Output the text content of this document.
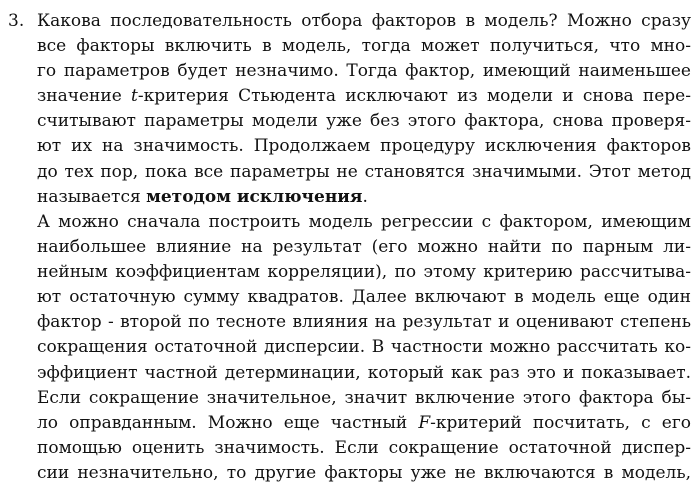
3. Какова последовательность отбора факторов в модель? Можно сразу
все факторы включить в модель, тогда может получиться, что мно-
го параметров будет незначимо. Тогда фактор, имеющий наименьшее
значение t-критерия Стьюдента исключают из модели и снова пере-
считывают параметры модели уже без этого фактора, снова проверя-
ют их на значимость. Продолжаем процедуру исключения факторов
до тех пор, пока все параметры не становятся значимыми. Этот метод
называется методом исключения.
А можно сначала построить модель регрессии с фактором, имеющим
наибольшее влияние на результат (его можно найти по парным ли-
нейным коэффициентам корреляции), по этому критерию рассчитыва-
ют остаточную сумму квадратов. Далее включают в модель еще один
фактор - второй по тесноте влияния на результат и оценивают степень
сокращения остаточной дисперсии. В частности можно рассчитать ко-
эффициент частной детерминации, который как раз это и показывает.
Если сокращение значительное, значит включение этого фактора бы-
ло оправданным. Можно еще частный F-критерий посчитать, с его
помощью оценить значимость. Если сокращение остаточной диспер-
сии незначительно, то другие факторы уже не включаются в модель,
